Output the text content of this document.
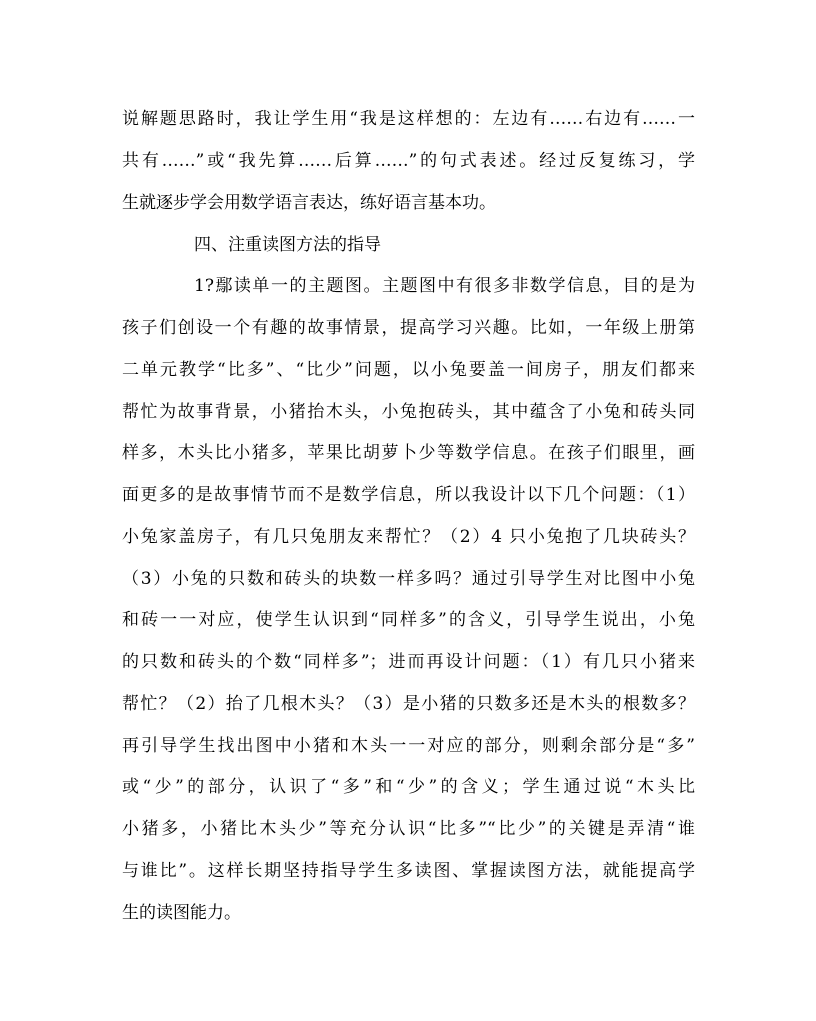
说解题思路时，我让学生用“我是这样想的：左边有……右边有……一
共有……”或“我先算……后算……”的句式表述。经过反复练习，学
生就逐步学会用数学语言表达，练好语言基本功。
四、注重读图方法的指导
1?鄢读单一的主题图。主题图中有很多非数学信息，目的是为
孩子们创设一个有趣的故事情景，提高学习兴趣。比如，一年级上册第
二单元教学“比多”、“比少”问题，以小兔要盖一间房子，朋友们都来
帮忙为故事背景，小猪抬木头，小兔抱砖头，其中蕴含了小兔和砖头同
样多，木头比小猪多，苹果比胡萝卜少等数学信息。在孩子们眼里，画
面更多的是故事情节而不是数学信息，所以我设计以下几个问题：（1）
小兔家盖房子，有几只兔朋友来帮忙？（2）4 只小兔抱了几块砖头？
（3）小兔的只数和砖头的块数一样多吗？通过引导学生对比图中小兔
和砖一一对应，使学生认识到“同样多”的含义，引导学生说出，小兔
的只数和砖头的个数“同样多”；进而再设计问题：（1）有几只小猪来
帮忙？（2）抬了几根木头？（3）是小猪的只数多还是木头的根数多？
再引导学生找出图中小猪和木头一一对应的部分，则剩余部分是“多”
或“少”的部分，认识了“多”和“少”的含义；学生通过说“木头比
小猪多，小猪比木头少”等充分认识“比多”“比少”的关键是弄清“谁
与谁比”。这样长期坚持指导学生多读图、掌握读图方法，就能提高学
生的读图能力。
